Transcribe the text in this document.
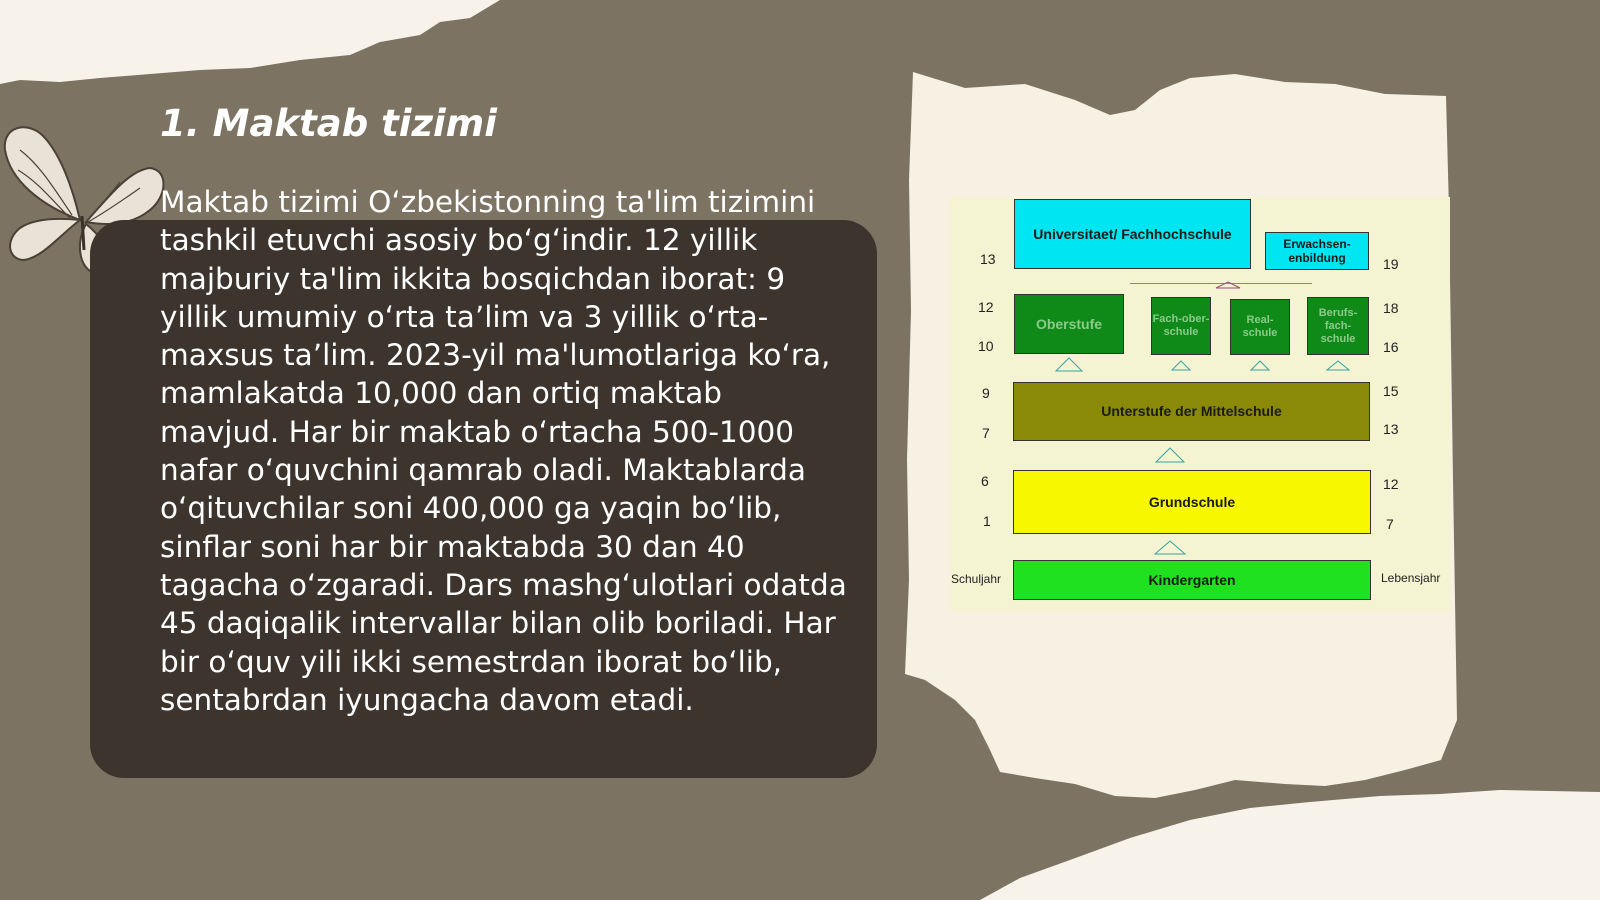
1. Maktab tizimi

Maktab tizimi O‘zbekistonning ta'lim tizimini tashkil etuvchi asosiy bo‘g‘indir. 12 yillik majburiy ta'lim ikkita bosqichdan iborat: 9 yillik umumiy o‘rta ta’lim va 3 yillik o‘rta-maxsus ta’lim. 2023-yil ma'lumotlariga ko‘ra, mamlakatda 10,000 dan ortiq maktab mavjud. Har bir maktab o‘rtacha 500-1000 nafar o‘quvchini qamrab oladi. Maktablarda o‘qituvchilar soni 400,000 ga yaqin bo‘lib, sinflar soni har bir maktabda 30 dan 40 tagacha o‘zgaradi. Dars mashg‘ulotlari odatda 45 daqiqalik intervallar bilan olib boriladi. Har bir o‘quv yili ikki semestrdan iborat bo‘lib, sentabrdan iyungacha davom etadi.

Universitaet/ Fachhochschule
Erwachsen-enbildung
Oberstufe	Fach-ober-schule
Real-schule
Berufs-fach-schule
Unterstufe der Mittelschule
Grundschule
Kindergarten
13
12
10
9
7
6
1
Schuljahr
19
18
16
15
13
12
7
Lebensjahr
